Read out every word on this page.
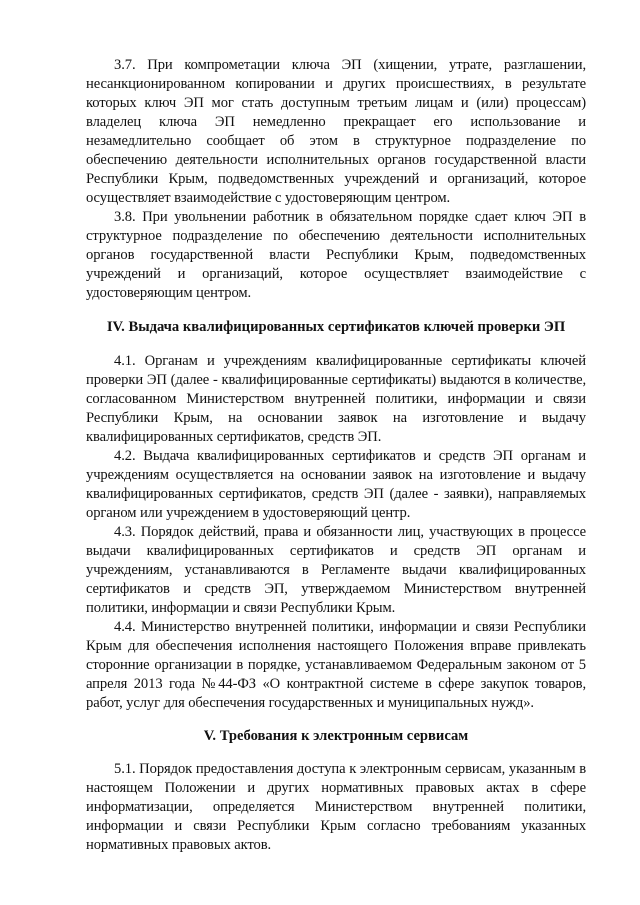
3.7. При компрометации ключа ЭП (хищении, утрате, разглашении, несанкционированном копировании и других происшествиях, в результате которых ключ ЭП мог стать доступным третьим лицам и (или) процессам) владелец ключа ЭП немедленно прекращает его использование и незамедлительно сообщает об этом в структурное подразделение по обеспечению деятельности исполнительных органов государственной власти Республики Крым, подведомственных учреждений и организаций, которое осуществляет взаимодействие с удостоверяющим центром.

3.8. При увольнении работник в обязательном порядке сдает ключ ЭП в структурное подразделение по обеспечению деятельности исполнительных органов государственной власти Республики Крым, подведомственных учреждений и организаций, которое осуществляет взаимодействие с удостоверяющим центром.

IV. Выдача квалифицированных сертификатов ключей проверки ЭП

4.1. Органам и учреждениям квалифицированные сертификаты ключей проверки ЭП (далее - квалифицированные сертификаты) выдаются в количестве, согласованном Министерством внутренней политики, информации и связи Республики Крым, на основании заявок на изготовление и выдачу квалифицированных сертификатов, средств ЭП.

4.2. Выдача квалифицированных сертификатов и средств ЭП органам и учреждениям осуществляется на основании заявок на изготовление и выдачу квалифицированных сертификатов, средств ЭП (далее - заявки), направляемых органом или учреждением в удостоверяющий центр.

4.3. Порядок действий, права и обязанности лиц, участвующих в процессе выдачи квалифицированных сертификатов и средств ЭП органам и учреждениям, устанавливаются в Регламенте выдачи квалифицированных сертификатов и средств ЭП, утверждаемом Министерством внутренней политики, информации и связи Республики Крым.

4.4. Министерство внутренней политики, информации и связи Республики Крым для обеспечения исполнения настоящего Положения вправе привлекать сторонние организации в порядке, устанавливаемом Федеральным законом от 5 апреля 2013 года №44-ФЗ «О контрактной системе в сфере закупок товаров, работ, услуг для обеспечения государственных и муниципальных нужд».

V. Требования к электронным сервисам

5.1. Порядок предоставления доступа к электронным сервисам, указанным в настоящем Положении и других нормативных правовых актах в сфере информатизации, определяется Министерством внутренней политики, информации и связи Республики Крым согласно требованиям указанных нормативных правовых актов.
